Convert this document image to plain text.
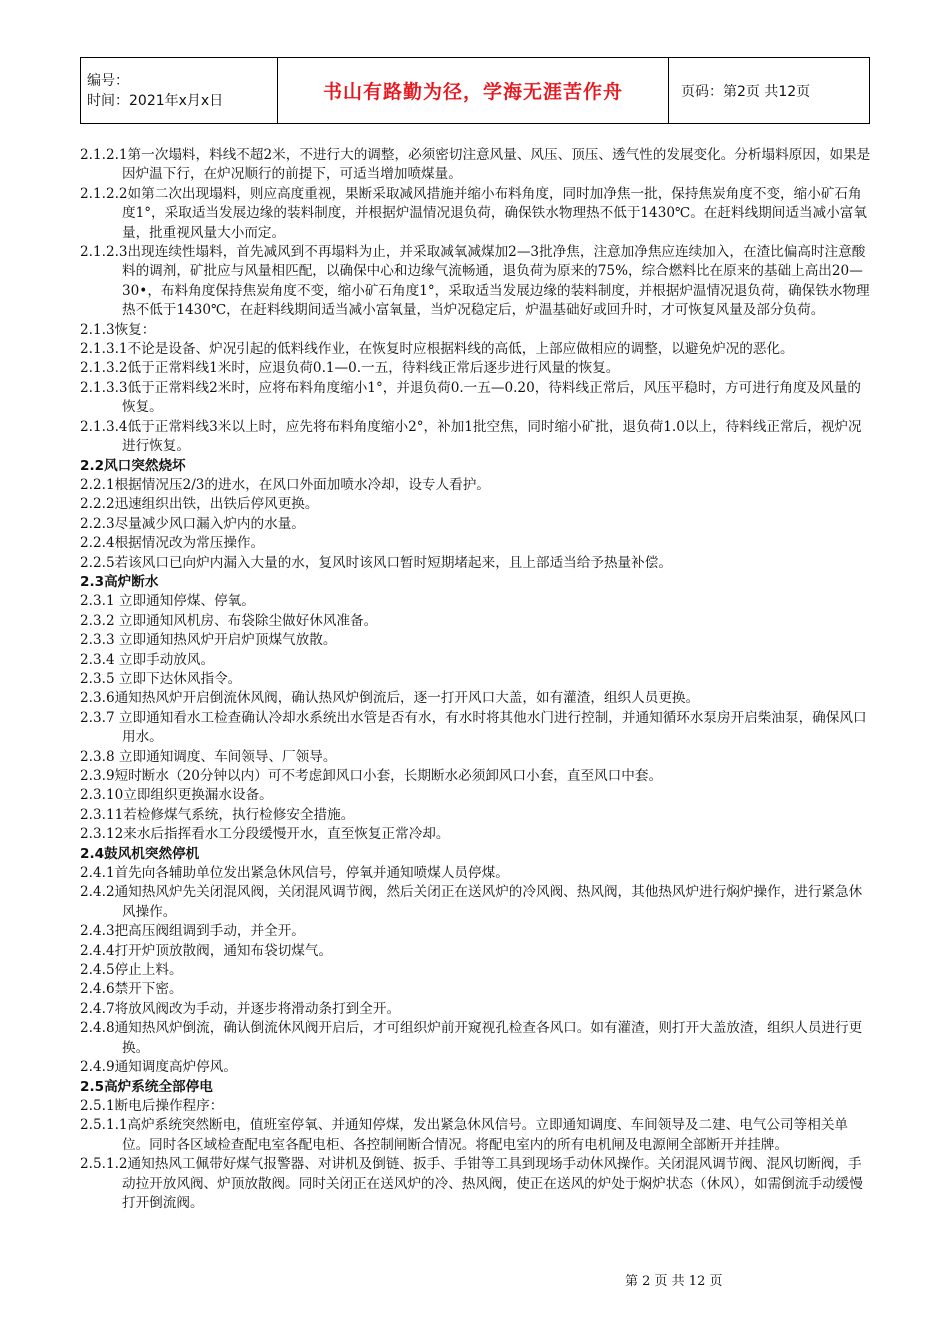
编号：
时间：2021年x月x日	书山有路勤为径，学海无涯苦作舟	页码：第2页 共12页
2.1.2.1第一次塌料，料线不超2米，不进行大的调整，必须密切注意风量、风压、顶压、透气性的发展变化。分析塌料原因，如果是因炉温下行，在炉况顺行的前提下，可适当增加喷煤量。
2.1.2.2如第二次出现塌料，则应高度重视，果断采取减风措施并缩小布料角度，同时加净焦一批，保持焦炭角度不变，缩小矿石角度1°，采取适当发展边缘的装料制度，并根据炉温情况退负荷，确保铁水物理热不低于1430℃。在赶料线期间适当减小富氧量，批重视风量大小而定。
2.1.2.3出现连续性塌料，首先减风到不再塌料为止，并采取减氧减煤加2—3批净焦，注意加净焦应连续加入，在渣比偏高时注意酸料的调剂，矿批应与风量相匹配，以确保中心和边缘气流畅通，退负荷为原来的75%，综合燃料比在原来的基础上高出20—30•，布料角度保持焦炭角度不变，缩小矿石角度1°，采取适当发展边缘的装料制度，并根据炉温情况退负荷，确保铁水物理热不低于1430℃，在赶料线期间适当减小富氧量，当炉况稳定后，炉温基础好或回升时，才可恢复风量及部分负荷。
2.1.3恢复：
2.1.3.1不论是设备、炉况引起的低料线作业，在恢复时应根据料线的高低，上部应做相应的调整，以避免炉况的恶化。
2.1.3.2低于正常料线1米时，应退负荷0.1—0.一五，待料线正常后逐步进行风量的恢复。
2.1.3.3低于正常料线2米时，应将布料角度缩小1°，并退负荷0.一五—0.20，待料线正常后，风压平稳时，方可进行角度及风量的恢复。
2.1.3.4低于正常料线3米以上时，应先将布料角度缩小2°，补加1批空焦，同时缩小矿批，退负荷1.0以上，待料线正常后，视炉况进行恢复。
2.2风口突然烧坏
2.2.1根据情况压2/3的进水，在风口外面加喷水冷却，设专人看护。
2.2.2迅速组织出铁，出铁后停风更换。
2.2.3尽量减少风口漏入炉内的水量。
2.2.4根据情况改为常压操作。
2.2.5若该风口已向炉内漏入大量的水，复风时该风口暂时短期堵起来，且上部适当给予热量补偿。
2.3高炉断水
2.3.1 立即通知停煤、停氧。
2.3.2 立即通知风机房、布袋除尘做好休风准备。
2.3.3 立即通知热风炉开启炉顶煤气放散。
2.3.4 立即手动放风。
2.3.5 立即下达休风指令。
2.3.6通知热风炉开启倒流休风阀，确认热风炉倒流后，逐一打开风口大盖，如有灌渣，组织人员更换。
2.3.7 立即通知看水工检查确认冷却水系统出水管是否有水，有水时将其他水门进行控制，并通知循环水泵房开启柴油泵，确保风口用水。
2.3.8 立即通知调度、车间领导、厂领导。
2.3.9短时断水（20分钟以内）可不考虑卸风口小套，长期断水必须卸风口小套，直至风口中套。
2.3.10立即组织更换漏水设备。
2.3.11若检修煤气系统，执行检修安全措施。
2.3.12来水后指挥看水工分段缓慢开水，直至恢复正常冷却。
2.4鼓风机突然停机
2.4.1首先向各辅助单位发出紧急休风信号，停氧并通知喷煤人员停煤。
2.4.2通知热风炉先关闭混风阀，关闭混风调节阀，然后关闭正在送风炉的冷风阀、热风阀，其他热风炉进行焖炉操作，进行紧急休风操作。
2.4.3把高压阀组调到手动，并全开。
2.4.4打开炉顶放散阀，通知布袋切煤气。
2.4.5停止上料。
2.4.6禁开下密。
2.4.7将放风阀改为手动，并逐步将滑动条打到全开。
2.4.8通知热风炉倒流，确认倒流休风阀开启后，才可组织炉前开窥视孔检查各风口。如有灌渣，则打开大盖放渣，组织人员进行更换。
2.4.9通知调度高炉停风。
2.5高炉系统全部停电
2.5.1断电后操作程序：
2.5.1.1高炉系统突然断电，值班室停氧、并通知停煤，发出紧急休风信号。立即通知调度、车间领导及二建、电气公司等相关单位。同时各区域检查配电室各配电柜、各控制闸断合情况。将配电室内的所有电机闸及电源闸全部断开并挂牌。
2.5.1.2通知热风工佩带好煤气报警器、对讲机及倒链、扳手、手钳等工具到现场手动休风操作。关闭混风调节阀、混风切断阀，手动拉开放风阀、炉顶放散阀。同时关闭正在送风炉的冷、热风阀，使正在送风的炉处于焖炉状态（休风），如需倒流手动缓慢打开倒流阀。
第 2 页 共 12 页
